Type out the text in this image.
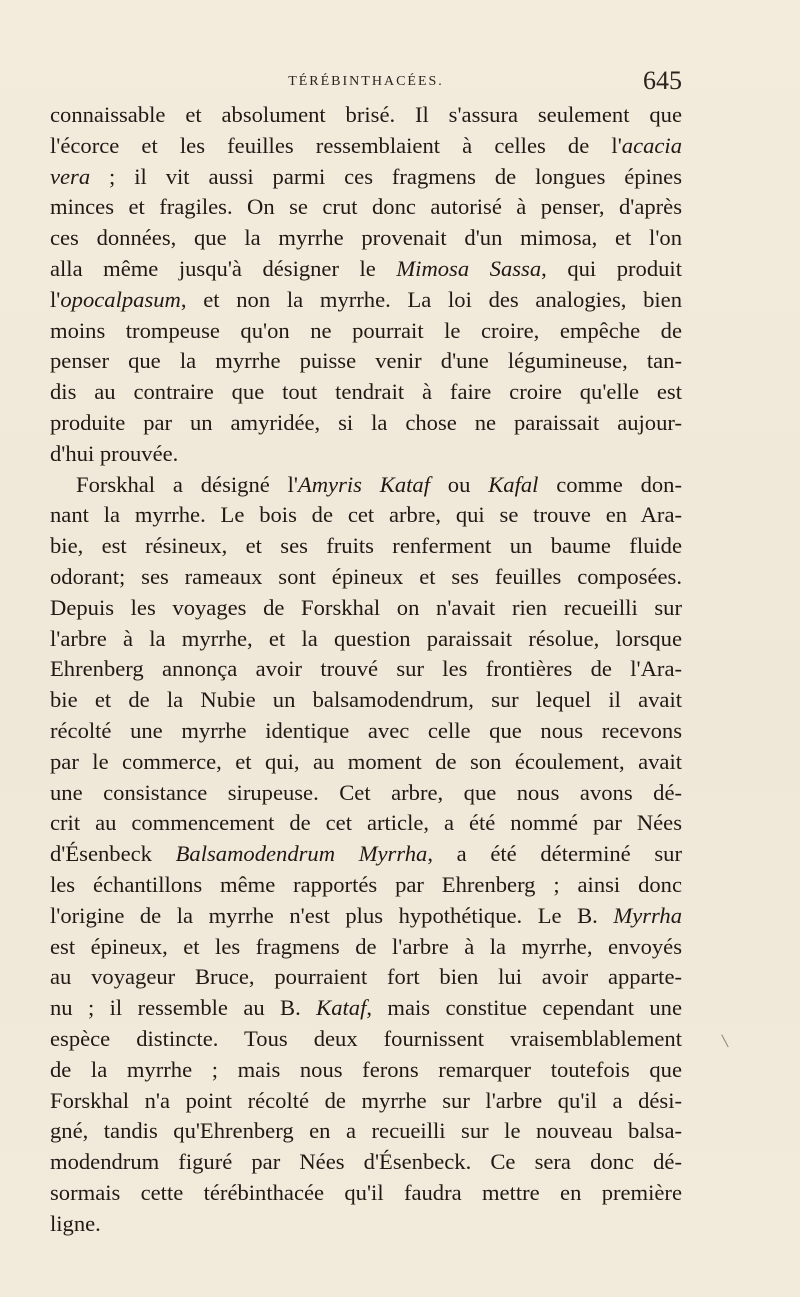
TÉRÉBINTHACÉES.	645
connaissable et absolument brisé. Il s'assura seulement que
l'écorce et les feuilles ressemblaient à celles de l'acacia
vera ; il vit aussi parmi ces fragmens de longues épines
minces et fragiles. On se crut donc autorisé à penser, d'après
ces données, que la myrrhe provenait d'un mimosa, et l'on
alla même jusqu'à désigner le Mimosa Sassa, qui produit
l'opocalpasum, et non la myrrhe. La loi des analogies, bien
moins trompeuse qu'on ne pourrait le croire, empêche de
penser que la myrrhe puisse venir d'une légumineuse, tan-
dis au contraire que tout tendrait à faire croire qu'elle est
produite par un amyridée, si la chose ne paraissait aujour-
d'hui prouvée.
Forskhal a désigné l'Amyris Kataf ou Kafal comme don-
nant la myrrhe. Le bois de cet arbre, qui se trouve en Ara-
bie, est résineux, et ses fruits renferment un baume fluide
odorant; ses rameaux sont épineux et ses feuilles composées.
Depuis les voyages de Forskhal on n'avait rien recueilli sur
l'arbre à la myrrhe, et la question paraissait résolue, lorsque
Ehrenberg annonça avoir trouvé sur les frontières de l'Ara-
bie et de la Nubie un balsamodendrum, sur lequel il avait
récolté une myrrhe identique avec celle que nous recevons
par le commerce, et qui, au moment de son écoulement, avait
une consistance sirupeuse. Cet arbre, que nous avons dé-
crit au commencement de cet article, a été nommé par Nées
d'Ésenbeck Balsamodendrum Myrrha, a été déterminé sur
les échantillons même rapportés par Ehrenberg ; ainsi donc
l'origine de la myrrhe n'est plus hypothétique. Le B. Myrrha
est épineux, et les fragmens de l'arbre à la myrrhe, envoyés
au voyageur Bruce, pourraient fort bien lui avoir apparte-
nu ; il ressemble au B. Kataf, mais constitue cependant une
espèce distincte. Tous deux fournissent vraisemblablement
de la myrrhe ; mais nous ferons remarquer toutefois que
Forskhal n'a point récolté de myrrhe sur l'arbre qu'il a dési-
gné, tandis qu'Ehrenberg en a recueilli sur le nouveau balsa-
modendrum figuré par Nées d'Ésenbeck. Ce sera donc dé-
sormais cette térébinthacée qu'il faudra mettre en première
ligne.
